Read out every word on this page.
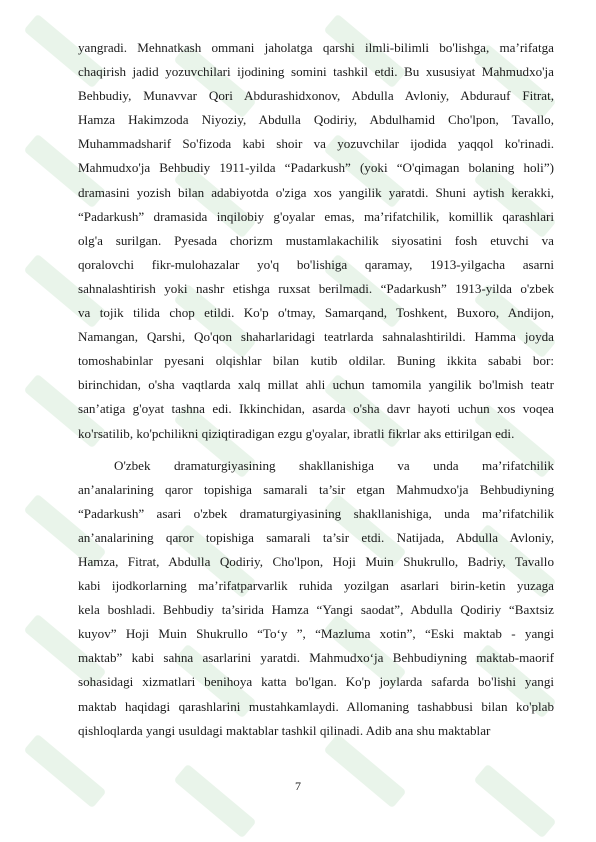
yangradi. Mehnatkash ommani jaholatga qarshi ilmli-bilimli bo'lishga, ma’rifatga
chaqirish jadid yozuvchilari ijodining somini tashkil etdi. Bu xususiyat Mahmudxo'ja
Behbudiy, Munavvar Qori Abdurashidxonov, Abdulla Avloniy, Abdurauf Fitrat,
Hamza Hakimzoda Niyoziy, Abdulla Qodiriy, Abdulhamid Cho'lpon, Tavallo,
Muhammadsharif So'fizoda kabi shoir va yozuvchilar ijodida yaqqol ko'rinadi.
Mahmudxo'ja Behbudiy 1911-yilda “Padarkush” (yoki “O'qimagan bolaning holi”)
dramasini yozish bilan adabiyotda o'ziga xos yangilik yaratdi. Shuni aytish kerakki,
“Padarkush” dramasida inqilobiy g'oyalar emas, ma’rifatchilik, komillik qarashlari
olg'a surilgan. Pyesada chorizm mustamlakachilik siyosatini fosh etuvchi va
qoralovchi fikr-mulohazalar yo'q bo'lishiga qaramay, 1913-yilgacha asarni
sahnalashtirish yoki nashr etishga ruxsat berilmadi. “Padarkush” 1913-yilda o'zbek
va tojik tilida chop etildi. Ko'p o'tmay, Samarqand, Toshkent, Buxoro, Andijon,
Namangan, Qarshi, Qo'qon shaharlaridagi teatrlarda sahnalashtirildi. Hamma joyda
tomoshabinlar pyesani olqishlar bilan kutib oldilar. Buning ikkita sababi bor:
birinchidan, o'sha vaqtlarda xalq millat ahli uchun tamomila yangilik bo'lmish teatr
san’atiga g'oyat tashna edi. Ikkinchidan, asarda o'sha davr hayoti uchun xos voqea
ko'rsatilib, ko'pchilikni qiziqtiradigan ezgu g'oyalar, ibratli fikrlar aks ettirilgan edi.
O'zbek dramaturgiyasining shakllanishiga va unda ma’rifatchilik
an’analarining qaror topishiga samarali ta’sir etgan Mahmudxo'ja Behbudiyning
“Padarkush” asari o'zbek dramaturgiyasining shakllanishiga, unda ma’rifatchilik
an’analarining qaror topishiga samarali ta’sir etdi. Natijada, Abdulla Avloniy,
Hamza, Fitrat, Abdulla Qodiriy, Cho'lpon, Hoji Muin Shukrullo, Badriy, Tavallo
kabi ijodkorlarning ma’rifatparvarlik ruhida yozilgan asarlari birin-ketin yuzaga
kela boshladi. Behbudiy ta’sirida Hamza “Yangi saodat”, Abdulla Qodiriy “Baxtsiz
kuyov” Hoji Muin Shukrullo “To‘y ”, “Mazluma xotin”, “Eski maktab - yangi
maktab” kabi sahna asarlarini yaratdi. Mahmudxo‘ja Behbudiyning maktab-maorif
sohasidagi xizmatlari benihoya katta bo'lgan. Ko'p joylarda safarda bo'lishi yangi
maktab haqidagi qarashlarini mustahkamlaydi. Allomaning tashabbusi bilan ko'plab
qishloqlarda yangi usuldagi maktablar tashkil qilinadi. Adib ana shu maktablar
7
